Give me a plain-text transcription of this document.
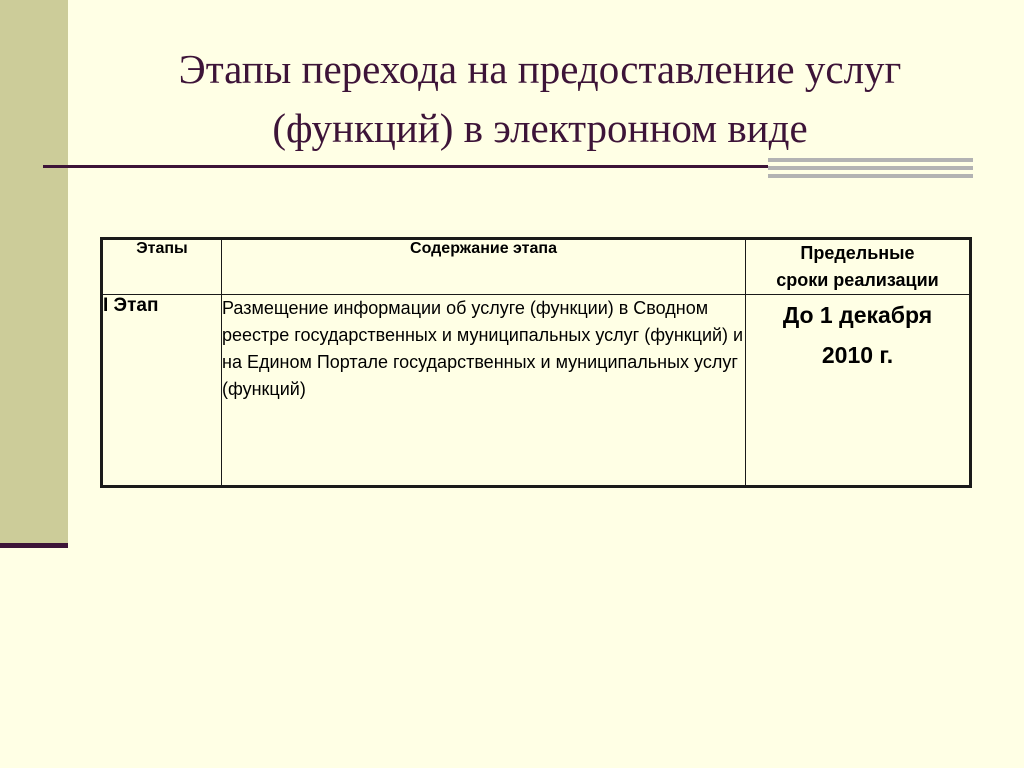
Этапы перехода на предоставление услуг
(функций) в электронном виде
Этапы	Содержание этапа	Предельные
сроки реализации

I Этап	Размещение информации об услуге (функции) в Сводном реестре государственных и муниципальных услуг (функций) и на Едином Портале государственных и муниципальных услуг (функций)	До 1 декабря
2010 г.
